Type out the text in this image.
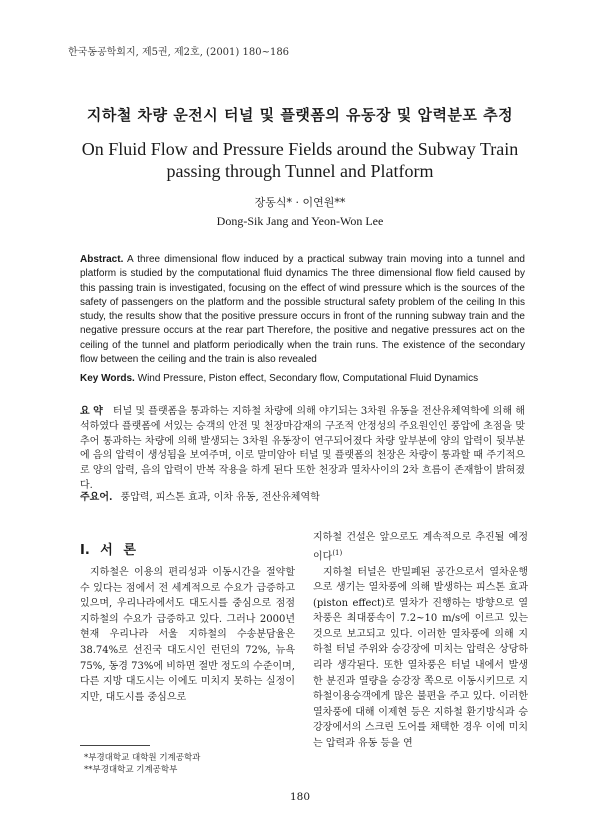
한국동공학회지, 제5권, 제2호, (2001) 180~186
지하철 차량 운전시 터널 및 플랫폼의 유동장 및 압력분포 추정
On Fluid Flow and Pressure Fields around the Subway Train passing through Tunnel and Platform
장동식* · 이연원**
Dong-Sik Jang and Yeon-Won Lee
Abstract. A three dimensional flow induced by a practical subway train moving into a tunnel and platform is studied by the computational fluid dynamics The three dimensional flow field caused by this passing train is investigated, focusing on the effect of wind pressure which is the sources of the safety of passengers on the platform and the possible structural safety problem of the ceiling In this study, the results show that the positive pressure occurs in front of the running subway train and the negative pressure occurs at the rear part Therefore, the positive and negative pressures act on the ceiling of the tunnel and platform periodically when the train runs. The existence of the secondary flow between the ceiling and the train is also revealed
Key Words. Wind Pressure, Piston effect, Secondary flow, Computational Fluid Dynamics
요 약 터널 및 플랫폼을 통과하는 지하철 차량에 의해 야기되는 3차원 유동을 전산유체역학에 의해 해석하였다 플랫폼에 서있는 승객의 안전 및 천장마감재의 구조적 안정성의 주요원인인 풍압에 초점을 맞추어 통과하는 차량에 의해 발생되는 3차원 유동장이 연구되어졌다 차량 앞부분에 양의 압력이 뒷부분에 음의 압력이 생성됨을 보여주며, 이로 말미암아 터널 및 플랫폼의 천장은 차량이 통과할 때 주기적으로 양의 압력, 음의 압력이 반복 작용을 하게 된다 또한 천장과 열차사이의 2차 흐름이 존재함이 밝혀졌다.
주요어. 풍압력, 피스톤 효과, 이차 유동, 전산유체역학
I. 서 론

지하철은 이용의 편리성과 이동시간을 절약할 수 있다는 점에서 전 세계적으로 수요가 급증하고 있으며, 우리나라에서도 대도시를 중심으로 점점 지하철의 수요가 급증하고 있다. 그러나 2000년 현재 우리나라 서울 지하철의 수송분담율은 38.74%로 선진국 대도시인 런던의 72%, 뉴욕 75%, 동경 73%에 비하면 절반 정도의 수준이며, 다른 지방 대도시는 이에도 미치지 못하는 실정이지만, 대도시를 중심으로

지하철 건설은 앞으로도 계속적으로 추진될 예정이다$^{(1)}$

지하철 터널은 반밀폐된 공간으로서 열차운행으로 생기는 열차풍에 의해 발생하는 피스톤 효과(piston effect)로 열차가 진행하는 방향으로 열차풍은 최대풍속이 7.2~10 m/s에 이르고 있는 것으로 보고되고 있다. 이러한 열차풍에 의해 지하철 터널 주위와 승강장에 미치는 압력은 상당하리라 생각된다. 또한 열차풍은 터널 내에서 발생한 분진과 열량을 승강장 쪽으로 이동시키므로 지하철이용승객에게 많은 불편을 주고 있다. 이러한 열차풍에 대해 이제현 등은 지하철 환기방식과 승강장에서의 스크린 도어를 채택한 경우 이에 미치는 압력과 유동 등을 연

*부경대학교 대학원 기계공학과
**부경대학교 기계공학부
180
